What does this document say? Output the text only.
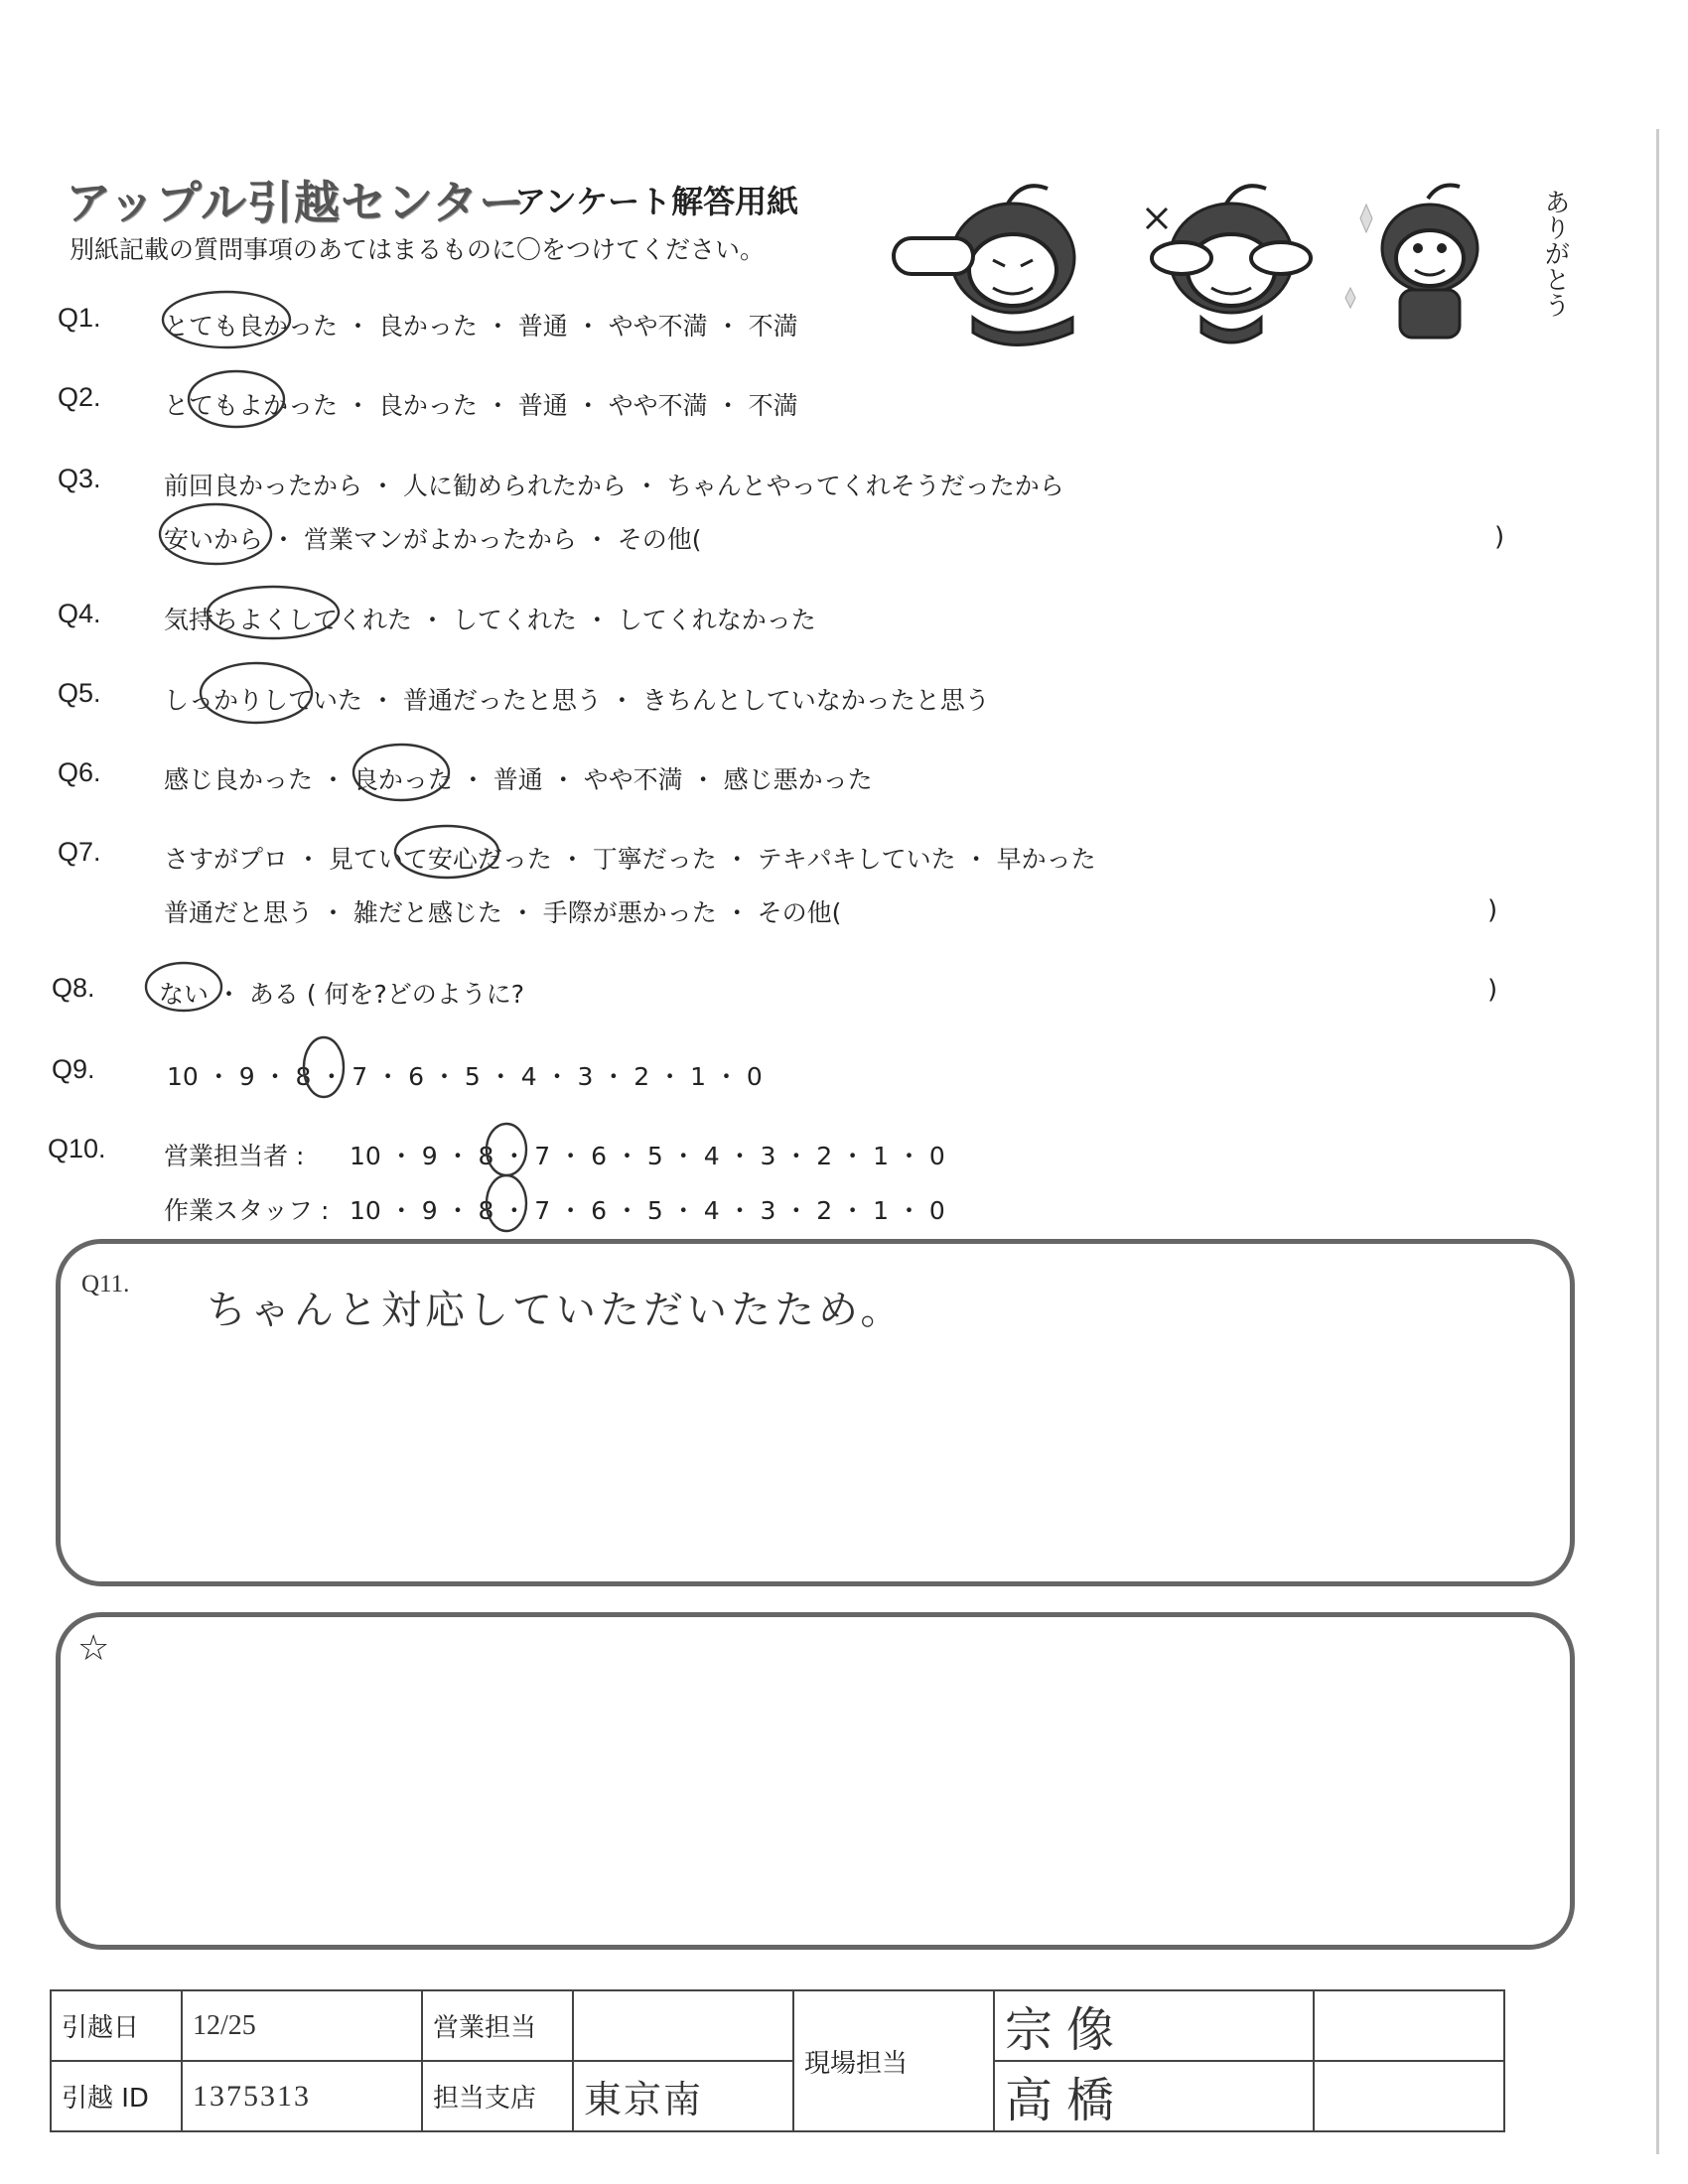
アップル引越センター
アンケート解答用紙
別紙記載の質問事項のあてはまるものに〇をつけてください。	ありがとう
Q1.	とても良かった ・ 良かった ・ 普通 ・ やや不満 ・ 不満
Q2.	とてもよかった ・ 良かった ・ 普通 ・ やや不満 ・ 不満
Q3.	前回良かったから ・ 人に勧められたから ・ ちゃんとやってくれそうだったから
安いから ・ 営業マンがよかったから ・ その他(	)
Q4.	気持ちよくしてくれた ・ してくれた ・ してくれなかった
Q5.	しっかりしていた ・ 普通だったと思う ・ きちんとしていなかったと思う
Q6.	感じ良かった ・ 良かった ・ 普通 ・ やや不満 ・ 感じ悪かった
Q7.	さすがプロ ・ 見ていて安心だった ・ 丁寧だった ・ テキパキしていた ・ 早かった
普通だと思う ・ 雑だと感じた ・ 手際が悪かった ・ その他(	)
Q8.	ない ・ ある ( 何を?どのように?	)
Q9.	10 ・ 9 ・ 8 ・ 7 ・ 6 ・ 5 ・ 4 ・ 3 ・ 2 ・ 1 ・ 0
Q10. 営業担当者 : 10 ・ 9 ・ 8 ・ 7 ・ 6 ・ 5 ・ 4 ・ 3 ・ 2 ・ 1 ・ 0
作業スタッフ : 10 ・ 9 ・ 8 ・ 7 ・ 6 ・ 5 ・ 4 ・ 3 ・ 2 ・ 1 ・ 0
Q11.
ちゃんと対応していただいたため。
☆
引越日	12/25	営業担当		現場担当	宗像	
引越 ID	1375313	担当支店	東京南		高橋	
